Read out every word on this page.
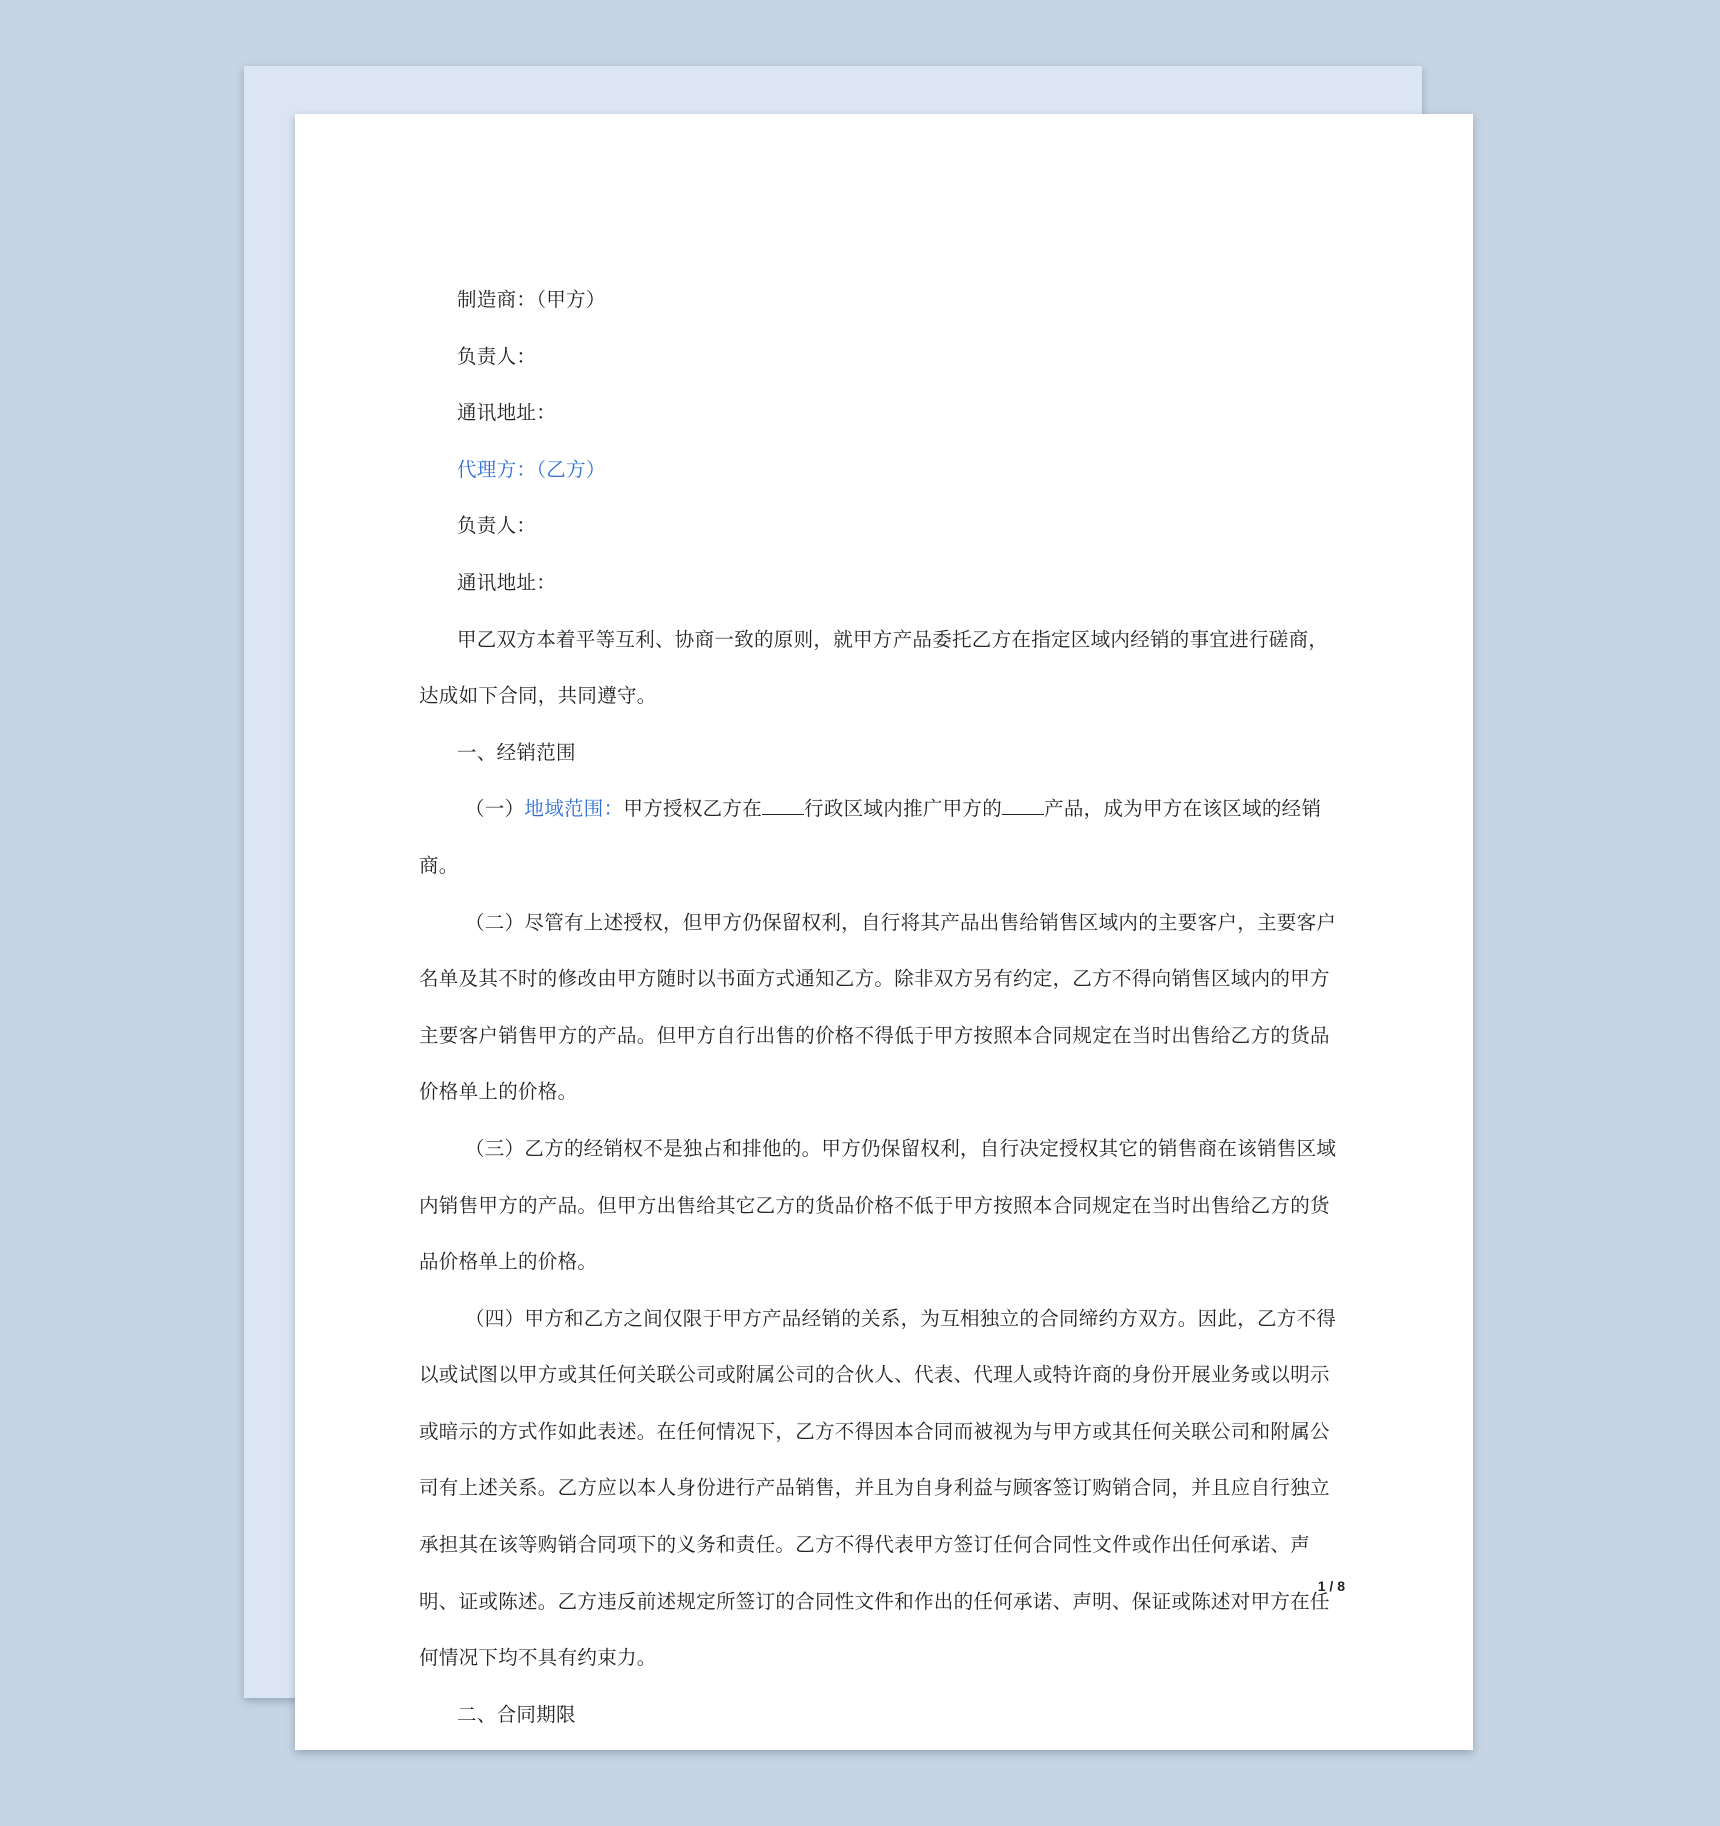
制造商：（甲方）

负责人：

通讯地址：

代理方：（乙方）

负责人：

通讯地址：

甲乙双方本着平等互利、协商一致的原则，就甲方产品委托乙方在指定区域内经销的事宜进行磋商，达成如下合同，共同遵守。

一、经销范围

（一）地域范围：甲方授权乙方在 行政区域内推广甲方的 产品，成为甲方在该区域的经销商。

（二）尽管有上述授权，但甲方仍保留权利，自行将其产品出售给销售区域内的主要客户，主要客户名单及其不时的修改由甲方随时以书面方式通知乙方。除非双方另有约定，乙方不得向销售区域内的甲方主要客户销售甲方的产品。但甲方自行出售的价格不得低于甲方按照本合同规定在当时出售给乙方的货品价格单上的价格。

（三）乙方的经销权不是独占和排他的。甲方仍保留权利，自行决定授权其它的销售商在该销售区域内销售甲方的产品。但甲方出售给其它乙方的货品价格不低于甲方按照本合同规定在当时出售给乙方的货品价格单上的价格。

（四）甲方和乙方之间仅限于甲方产品经销的关系，为互相独立的合同缔约方双方。因此，乙方不得以或试图以甲方或其任何关联公司或附属公司的合伙人、代表、代理人或特许商的身份开展业务或以明示或暗示的方式作如此表述。在任何情况下，乙方不得因本合同而被视为与甲方或其任何关联公司和附属公司有上述关系。乙方应以本人身份进行产品销售，并且为自身利益与顾客签订购销合同，并且应自行独立承担其在该等购销合同项下的义务和责任。乙方不得代表甲方签订任何合同性文件或作出任何承诺、声明、证或陈述。乙方违反前述规定所签订的合同性文件和作出的任何承诺、声明、保证或陈述对甲方在任何情况下均不具有约束力。

二、合同期限

1 / 8
